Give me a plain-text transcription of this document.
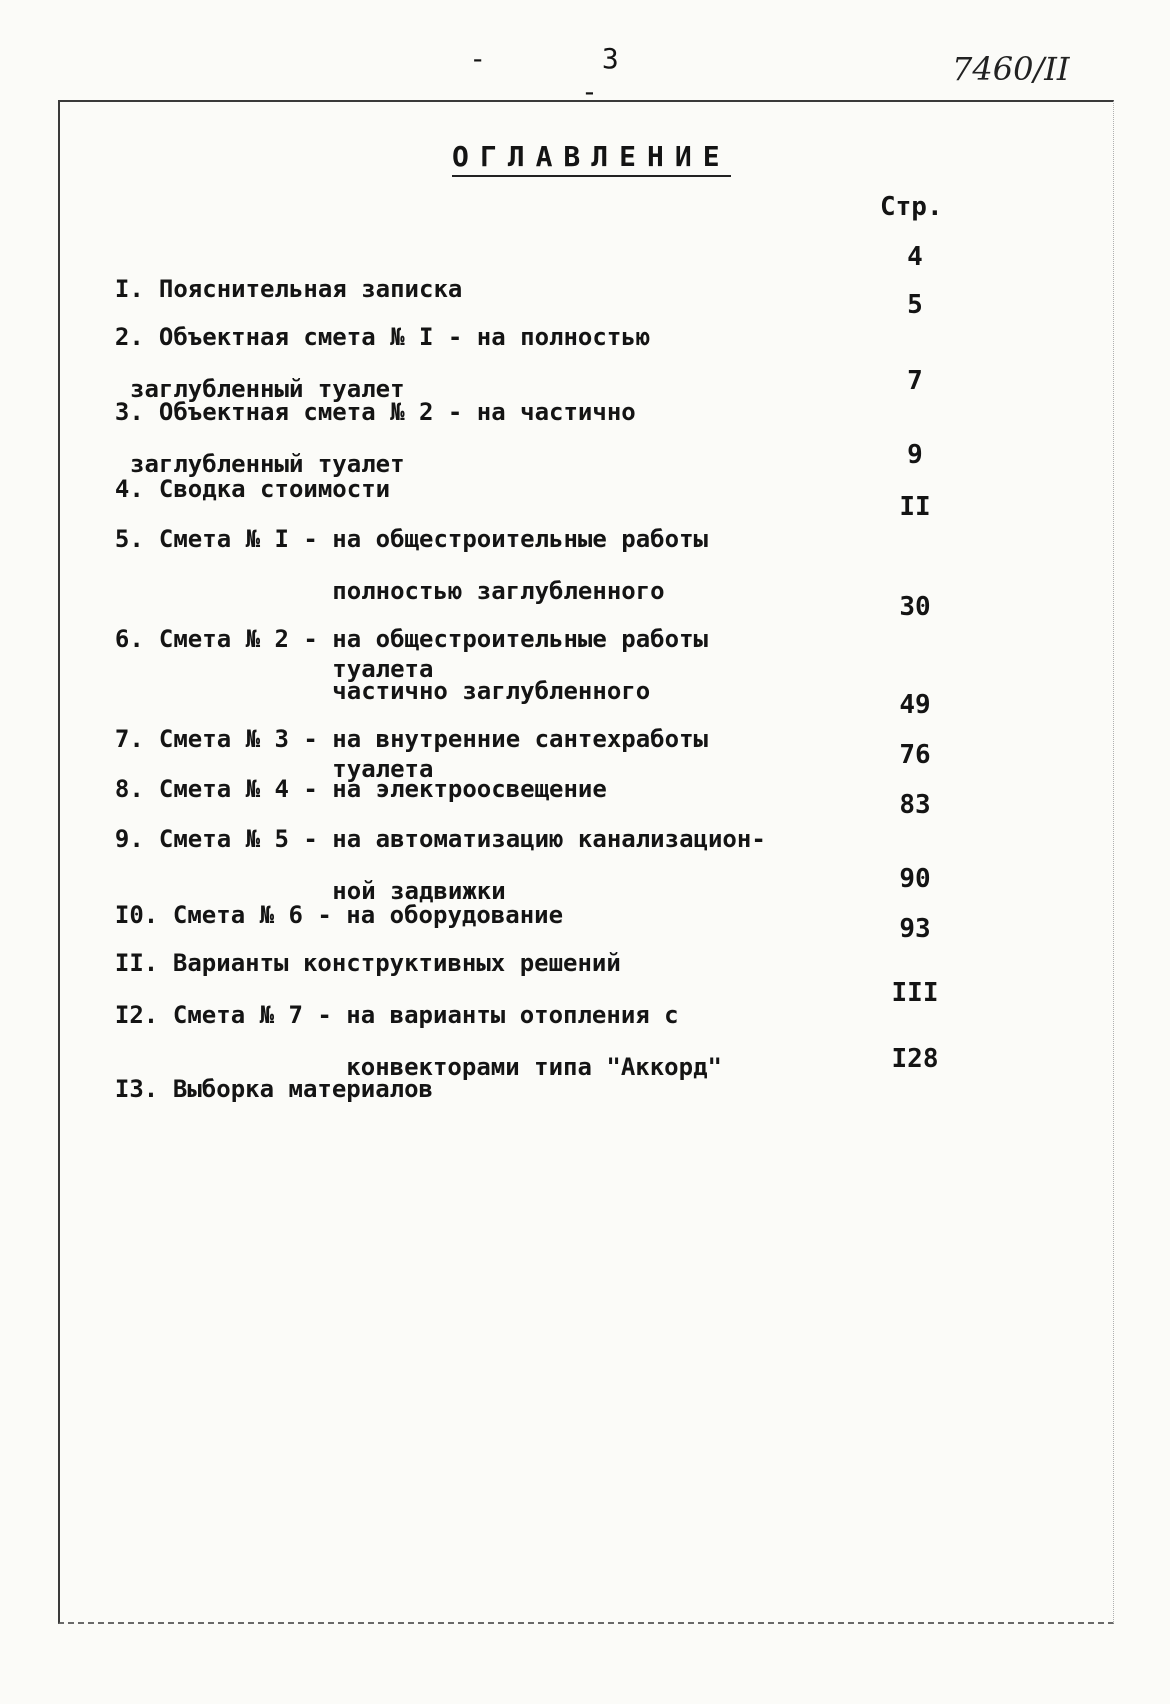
-	3  -
7460/II
ОГЛАВЛЕНИЕ
Стр.

I. Пояснительная записка

4

2. Объектная смета № I - на полностью

заглубленный туалет

5

3. Объектная смета № 2 - на частично

заглубленный туалет

7

4. Сводка стоимости

9

5. Смета № I - на общестроительные работы

полностью заглубленного

туалета

II

6. Смета № 2 - на общестроительные работы

частично заглубленного

туалета

30

7. Смета № 3 - на внутренние сантехработы

49

8. Смета № 4 - на электроосвещение

76

9. Смета № 5 - на автоматизацию канализацион-

ной задвижки

83

I0. Смета № 6 - на оборудование

90

II. Варианты конструктивных решений

93

I2. Смета № 7 - на варианты отопления с

конвекторами типа "Аккорд"

III

I3. Выборка материалов

I28
